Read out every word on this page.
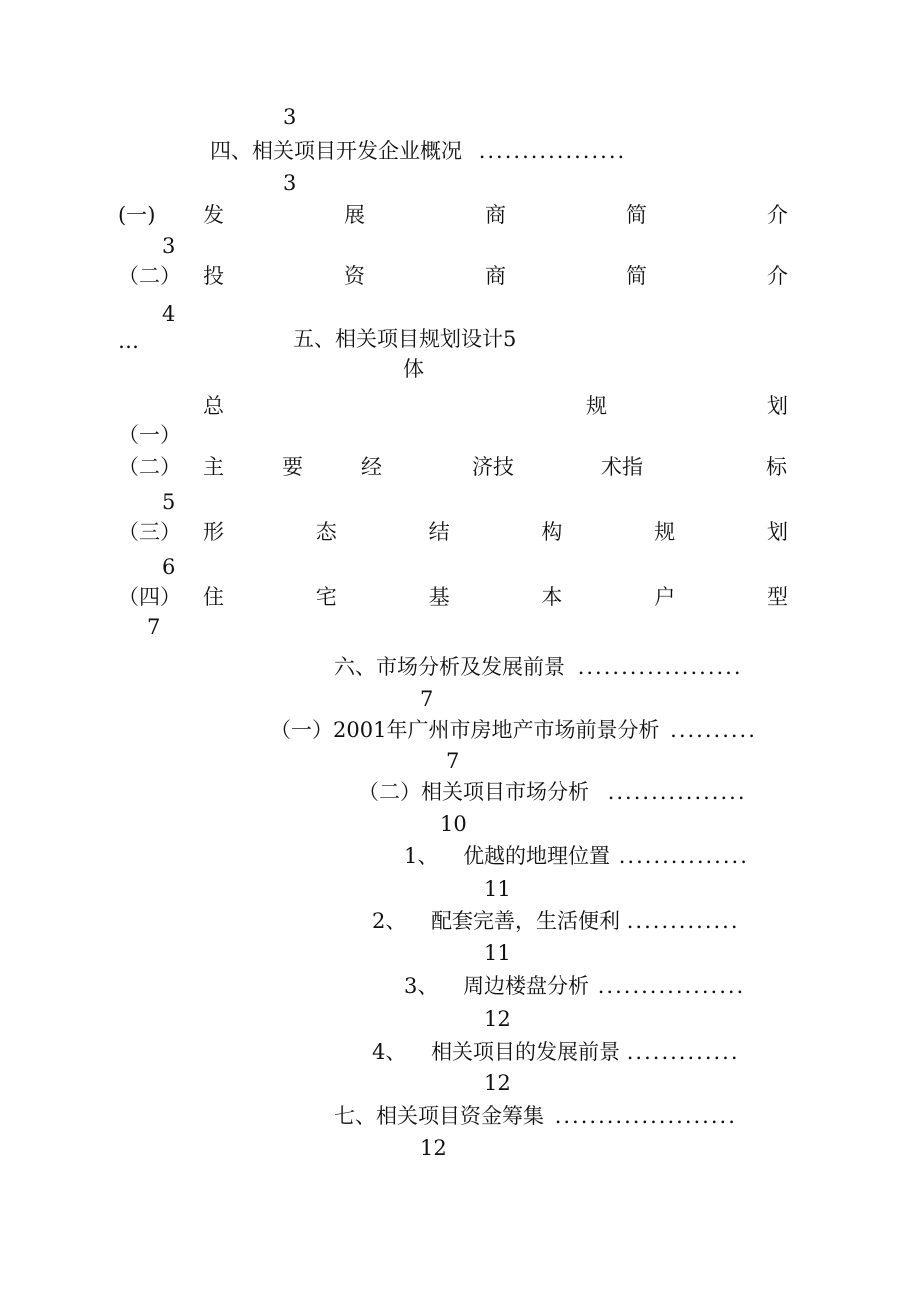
3
四、相关项目开发企业概况 .................
3
(一) 发	展	商	简	介
3
（二） 投	资	商	简	介
4
…	五、相关项目规划设计5
体
总	规	划
（一）
（二） 主	要	经	济技	术指	标
5
（三） 形	态	结	构	规	划
6
（四） 住	宅	基	本	户	型
7
六、市场分析及发展前景 ...................
7
（一）2001年广州市房地产市场前景分析 ..........
7
（二）相关项目市场分析 ................
10
1、 优越的地理位置 ...............
11
2、 配套完善，生活便利 .............
11
3、 周边楼盘分析 .................
12
4、 相关项目的发展前景 .............
12
七、相关项目资金筹集 .....................
12
